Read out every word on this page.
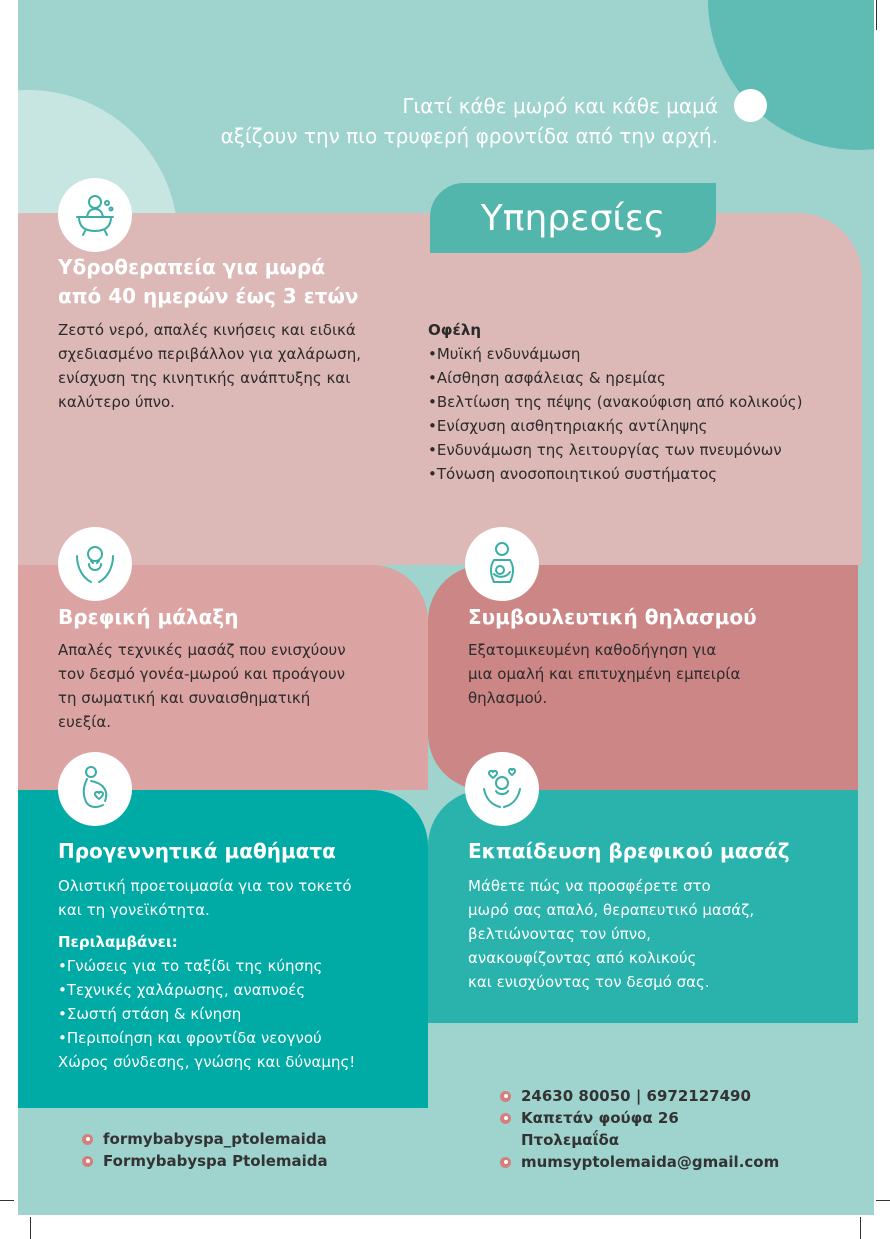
Γιατί κάθε μωρό και κάθε μαμά
αξίζουν την πιο τρυφερή φροντίδα από την αρχή.
Υπηρεσίες
Υδροθεραπεία για μωρά
από 40 ημερών έως 3 ετών
Ζεστό νερό, απαλές κινήσεις και ειδικά
σχεδιασμένο περιβάλλον για χαλάρωση,
ενίσχυση της κινητικής ανάπτυξης και
καλύτερο ύπνο.
Οφέλη
• Μυϊκή ενδυνάμωση
• Αίσθηση ασφάλειας & ηρεμίας
• Βελτίωση της πέψης (ανακούφιση από κολικούς)
• Ενίσχυση αισθητηριακής αντίληψης
• Ενδυνάμωση της λειτουργίας των πνευμόνων
• Τόνωση ανοσοποιητικού συστήματος
Βρεφική μάλαξη
Απαλές τεχνικές μασάζ που ενισχύουν
τον δεσμό γονέα-μωρού και προάγουν
τη σωματική και συναισθηματική
ευεξία.
Συμβουλευτική θηλασμού
Εξατομικευμένη καθοδήγηση για
μια ομαλή και επιτυχημένη εμπειρία
θηλασμού.
Προγεννητικά μαθήματα
Ολιστική προετοιμασία για τον τοκετό
και τη γονεϊκότητα.
Περιλαμβάνει:
• Γνώσεις για το ταξίδι της κύησης
• Τεχνικές χαλάρωσης, αναπνοές
• Σωστή στάση & κίνηση
• Περιποίηση και φροντίδα νεογνού
Χώρος σύνδεσης, γνώσης και δύναμης!
Εκπαίδευση βρεφικού μασάζ
Μάθετε πώς να προσφέρετε στο
μωρό σας απαλό, θεραπευτικό μασάζ,
βελτιώνοντας τον ύπνο,
ανακουφίζοντας από κολικούς
και ενισχύοντας τον δεσμό σας.
formybabyspa_ptolemaida
Formybabyspa Ptolemaida
24630 80050 | 6972127490
Καπετάν φούφα 26
Πτολεμαΐδα
mumsyptolemaida@gmail.com
